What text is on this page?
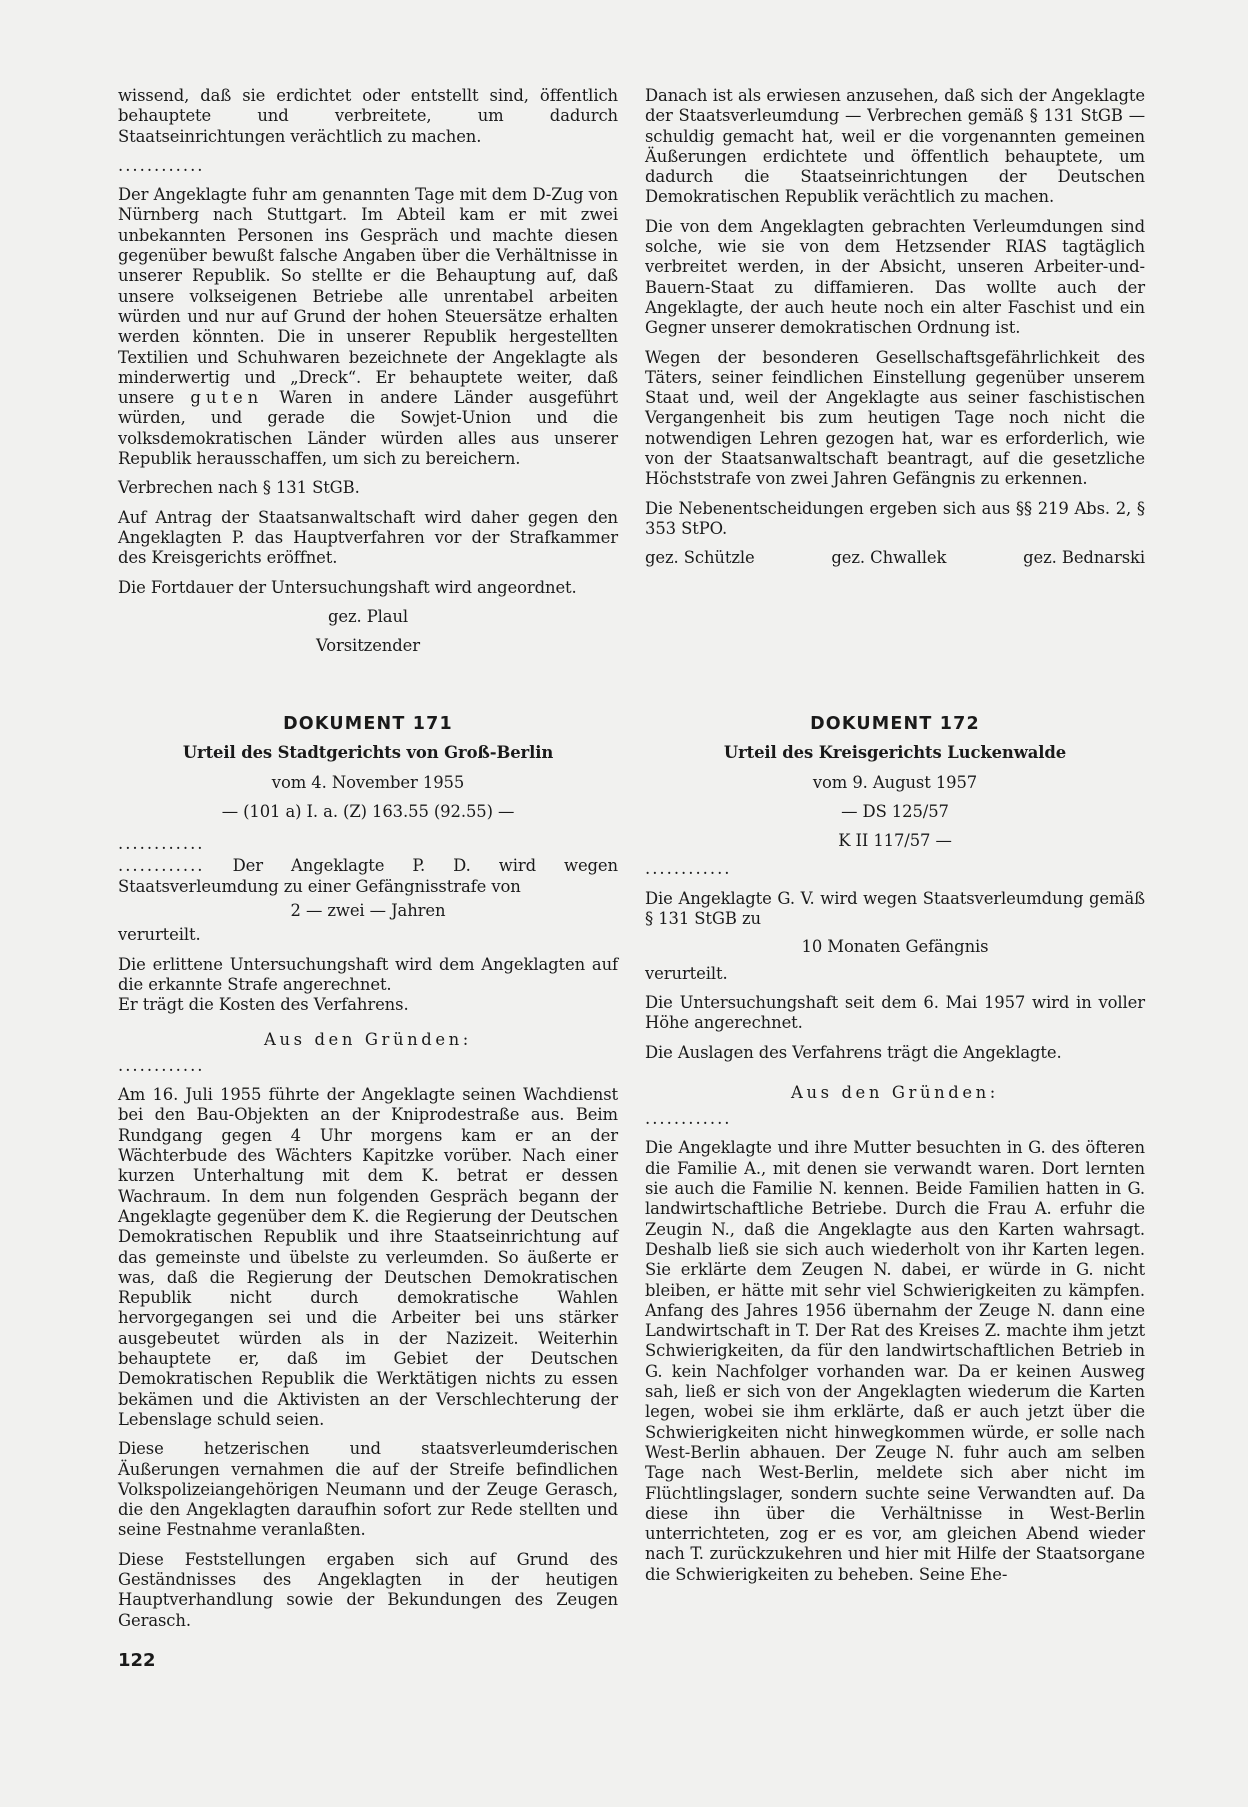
wissend, daß sie erdichtet oder entstellt sind, öffentlich behauptete und verbreitete, um dadurch Staatseinrichtungen verächtlich zu machen.

............

Der Angeklagte fuhr am genannten Tage mit dem D-Zug von Nürnberg nach Stuttgart. Im Abteil kam er mit zwei unbekannten Personen ins Gespräch und machte diesen gegenüber bewußt falsche Angaben über die Verhältnisse in unserer Republik. So stellte er die Behauptung auf, daß unsere volkseigenen Betriebe alle unrentabel arbeiten würden und nur auf Grund der hohen Steuersätze erhalten werden könnten. Die in unserer Republik hergestellten Textilien und Schuhwaren bezeichnete der Angeklagte als minderwertig und „Dreck“. Er behauptete weiter, daß unsere guten Waren in andere Länder ausgeführt würden, und gerade die Sowjet-Union und die volksdemokratischen Länder würden alles aus unserer Republik herausschaffen, um sich zu bereichern.

Verbrechen nach § 131 StGB.

Auf Antrag der Staatsanwaltschaft wird daher gegen den Angeklagten P. das Hauptverfahren vor der Strafkammer des Kreisgerichts eröffnet.

Die Fortdauer der Untersuchungshaft wird angeordnet.

gez. Plaul

Vorsitzender

Danach ist als erwiesen anzusehen, daß sich der Angeklagte der Staatsverleumdung — Verbrechen gemäß § 131 StGB — schuldig gemacht hat, weil er die vorgenannten gemeinen Äußerungen erdichtete und öffentlich behauptete, um dadurch die Staatseinrichtungen der Deutschen Demokratischen Republik verächtlich zu machen.

Die von dem Angeklagten gebrachten Verleumdungen sind solche, wie sie von dem Hetzsender RIAS tagtäglich verbreitet werden, in der Absicht, unseren Arbeiter-und-Bauern-Staat zu diffamieren. Das wollte auch der Angeklagte, der auch heute noch ein alter Faschist und ein Gegner unserer demokratischen Ordnung ist.

Wegen der besonderen Gesellschaftsgefährlichkeit des Täters, seiner feindlichen Einstellung gegenüber unserem Staat und, weil der Angeklagte aus seiner faschistischen Vergangenheit bis zum heutigen Tage noch nicht die notwendigen Lehren gezogen hat, war es erforderlich, wie von der Staatsanwaltschaft beantragt, auf die gesetzliche Höchststrafe von zwei Jahren Gefängnis zu erkennen.

Die Nebenentscheidungen ergeben sich aus §§ 219 Abs. 2, § 353 StPO.

gez. Schützle	gez. Chwallek	gez. Bednarski

DOKUMENT 171

Urteil des Stadtgerichts von Groß-Berlin

vom 4. November 1955

— (101 a) I. a. (Z) 163.55 (92.55) —

............

............ Der Angeklagte P. D. wird wegen Staatsverleumdung zu einer Gefängnisstrafe von

2 — zwei — Jahren

verurteilt.

Die erlittene Untersuchungshaft wird dem Angeklagten auf die erkannte Strafe angerechnet.

Er trägt die Kosten des Verfahrens.

Aus den Gründen:

............

Am 16. Juli 1955 führte der Angeklagte seinen Wachdienst bei den Bau-Objekten an der Kniprodestraße aus. Beim Rundgang gegen 4 Uhr morgens kam er an der Wächterbude des Wächters Kapitzke vorüber. Nach einer kurzen Unterhaltung mit dem K. betrat er dessen Wachraum. In dem nun folgenden Gespräch begann der Angeklagte gegenüber dem K. die Regierung der Deutschen Demokratischen Republik und ihre Staatseinrichtung auf das gemeinste und übelste zu verleumden. So äußerte er was, daß die Regierung der Deutschen Demokratischen Republik nicht durch demokratische Wahlen hervorgegangen sei und die Arbeiter bei uns stärker ausgebeutet würden als in der Nazizeit. Weiterhin behauptete er, daß im Gebiet der Deutschen Demokratischen Republik die Werktätigen nichts zu essen bekämen und die Aktivisten an der Verschlechterung der Lebenslage schuld seien.

Diese hetzerischen und staatsverleumderischen Äußerungen vernahmen die auf der Streife befindlichen Volkspolizeiangehörigen Neumann und der Zeuge Gerasch, die den Angeklagten daraufhin sofort zur Rede stellten und seine Festnahme veranlaßten.

Diese Feststellungen ergaben sich auf Grund des Geständnisses des Angeklagten in der heutigen Hauptverhandlung sowie der Bekundungen des Zeugen Gerasch.

DOKUMENT 172

Urteil des Kreisgerichts Luckenwalde

vom 9. August 1957

— DS 125/57

K II 117/57 —

............

Die Angeklagte G. V. wird wegen Staatsverleumdung gemäß § 131 StGB zu

10 Monaten Gefängnis

verurteilt.

Die Untersuchungshaft seit dem 6. Mai 1957 wird in voller Höhe angerechnet.

Die Auslagen des Verfahrens trägt die Angeklagte.

Aus den Gründen:

............

Die Angeklagte und ihre Mutter besuchten in G. des öfteren die Familie A., mit denen sie verwandt waren. Dort lernten sie auch die Familie N. kennen. Beide Familien hatten in G. landwirtschaftliche Betriebe. Durch die Frau A. erfuhr die Zeugin N., daß die Angeklagte aus den Karten wahrsagt. Deshalb ließ sie sich auch wiederholt von ihr Karten legen. Sie erklärte dem Zeugen N. dabei, er würde in G. nicht bleiben, er hätte mit sehr viel Schwierigkeiten zu kämpfen. Anfang des Jahres 1956 übernahm der Zeuge N. dann eine Landwirtschaft in T. Der Rat des Kreises Z. machte ihm jetzt Schwierigkeiten, da für den landwirtschaftlichen Betrieb in G. kein Nachfolger vorhanden war. Da er keinen Ausweg sah, ließ er sich von der Angeklagten wiederum die Karten legen, wobei sie ihm erklärte, daß er auch jetzt über die Schwierigkeiten nicht hinwegkommen würde, er solle nach West-Berlin abhauen. Der Zeuge N. fuhr auch am selben Tage nach West-Berlin, meldete sich aber nicht im Flüchtlingslager, sondern suchte seine Verwandten auf. Da diese ihn über die Verhältnisse in West-Berlin unterrichteten, zog er es vor, am gleichen Abend wieder nach T. zurückzukehren und hier mit Hilfe der Staatsorgane die Schwierigkeiten zu beheben. Seine Ehe-

122
